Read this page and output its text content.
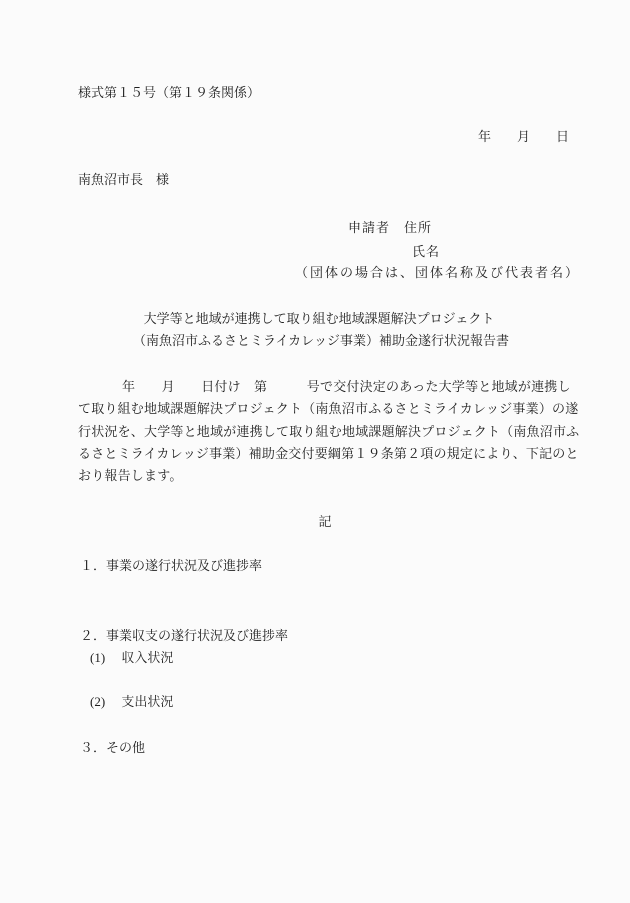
様式第１５号（第１９条関係）
年　　月　　日
南魚沼市長　様
申請者　住所
氏名
（団体の場合は、団体名称及び代表者名）
大学等と地域が連携して取り組む地域課題解決プロジェクト
（南魚沼市ふるさとミライカレッジ事業）補助金遂行状況報告書
年　　月　　日付け　第　　　号で交付決定のあった大学等と地域が連携し
て取り組む地域課題解決プロジェクト（南魚沼市ふるさとミライカレッジ事業）の遂
行状況を、大学等と地域が連携して取り組む地域課題解決プロジェクト（南魚沼市ふ
るさとミライカレッジ事業）補助金交付要綱第１９条第２項の規定により、下記のと
おり報告します。
記
１．事業の遂行状況及び進捗率
２．事業収支の遂行状況及び進捗率
(1)　 収入状況
(2)　 支出状況
３．その他
